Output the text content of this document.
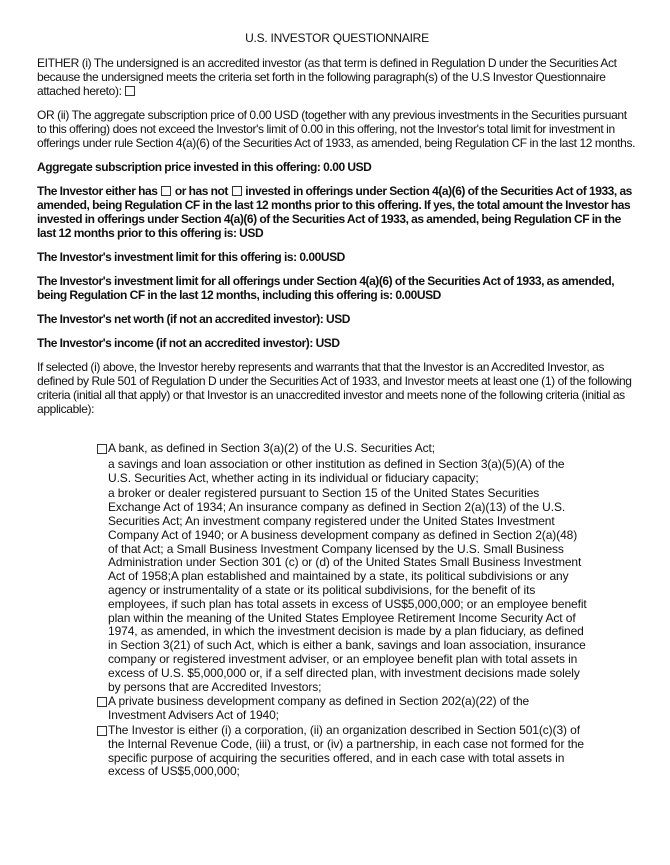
U.S. INVESTOR QUESTIONNAIRE

EITHER (i) The undersigned is an accredited investor (as that term is defined in Regulation D under the Securities Act because the undersigned meets the criteria set forth in the following paragraph(s) of the U.S Investor Questionnaire attached hereto):

OR (ii) The aggregate subscription price of 0.00 USD (together with any previous investments in the Securities pursuant to this offering) does not exceed the Investor's limit of 0.00 in this offering, not the Investor's total limit for investment in offerings under rule Section 4(a)(6) of the Securities Act of 1933, as amended, being Regulation CF in the last 12 months.

Aggregate subscription price invested in this offering: 0.00 USD

The Investor either has or has not invested in offerings under Section 4(a)(6) of the Securities Act of 1933, as amended, being Regulation CF in the last 12 months prior to this offering. If yes, the total amount the Investor has invested in offerings under Section 4(a)(6) of the Securities Act of 1933, as amended, being Regulation CF in the last 12 months prior to this offering is: USD

The Investor's investment limit for this offering is: 0.00USD

The Investor's investment limit for all offerings under Section 4(a)(6) of the Securities Act of 1933, as amended, being Regulation CF in the last 12 months, including this offering is: 0.00USD

The Investor's net worth (if not an accredited investor): USD

The Investor's income (if not an accredited investor): USD

If selected (i) above, the Investor hereby represents and warrants that that the Investor is an Accredited Investor, as defined by Rule 501 of Regulation D under the Securities Act of 1933, and Investor meets at least one (1) of the following criteria (initial all that apply) or that Investor is an unaccredited investor and meets none of the following criteria (initial as applicable):

A bank, as defined in Section 3(a)(2) of the U.S. Securities Act;
a savings and loan association or other institution as defined in Section 3(a)(5)(A) of the U.S. Securities Act, whether acting in its individual or fiduciary capacity;
a broker or dealer registered pursuant to Section 15 of the United States Securities Exchange Act of 1934; An insurance company as defined in Section 2(a)(13) of the U.S. Securities Act; An investment company registered under the United States Investment Company Act of 1940; or A business development company as defined in Section 2(a)(48) of that Act; a Small Business Investment Company licensed by the U.S. Small Business Administration under Section 301 (c) or (d) of the United States Small Business Investment Act of 1958;A plan established and maintained by a state, its political subdivisions or any agency or instrumentality of a state or its political subdivisions, for the benefit of its employees, if such plan has total assets in excess of US$5,000,000; or an employee benefit plan within the meaning of the United States Employee Retirement Income Security Act of 1974, as amended, in which the investment decision is made by a plan fiduciary, as defined in Section 3(21) of such Act, which is either a bank, savings and loan association, insurance company or registered investment adviser, or an employee benefit plan with total assets in excess of U.S. $5,000,000 or, if a self directed plan, with investment decisions made solely by persons that are Accredited Investors;
A private business development company as defined in Section 202(a)(22) of the Investment Advisers Act of 1940;
The Investor is either (i) a corporation, (ii) an organization described in Section 501(c)(3) of the Internal Revenue Code, (iii) a trust, or (iv) a partnership, in each case not formed for the specific purpose of acquiring the securities offered, and in each case with total assets in excess of US$5,000,000;
